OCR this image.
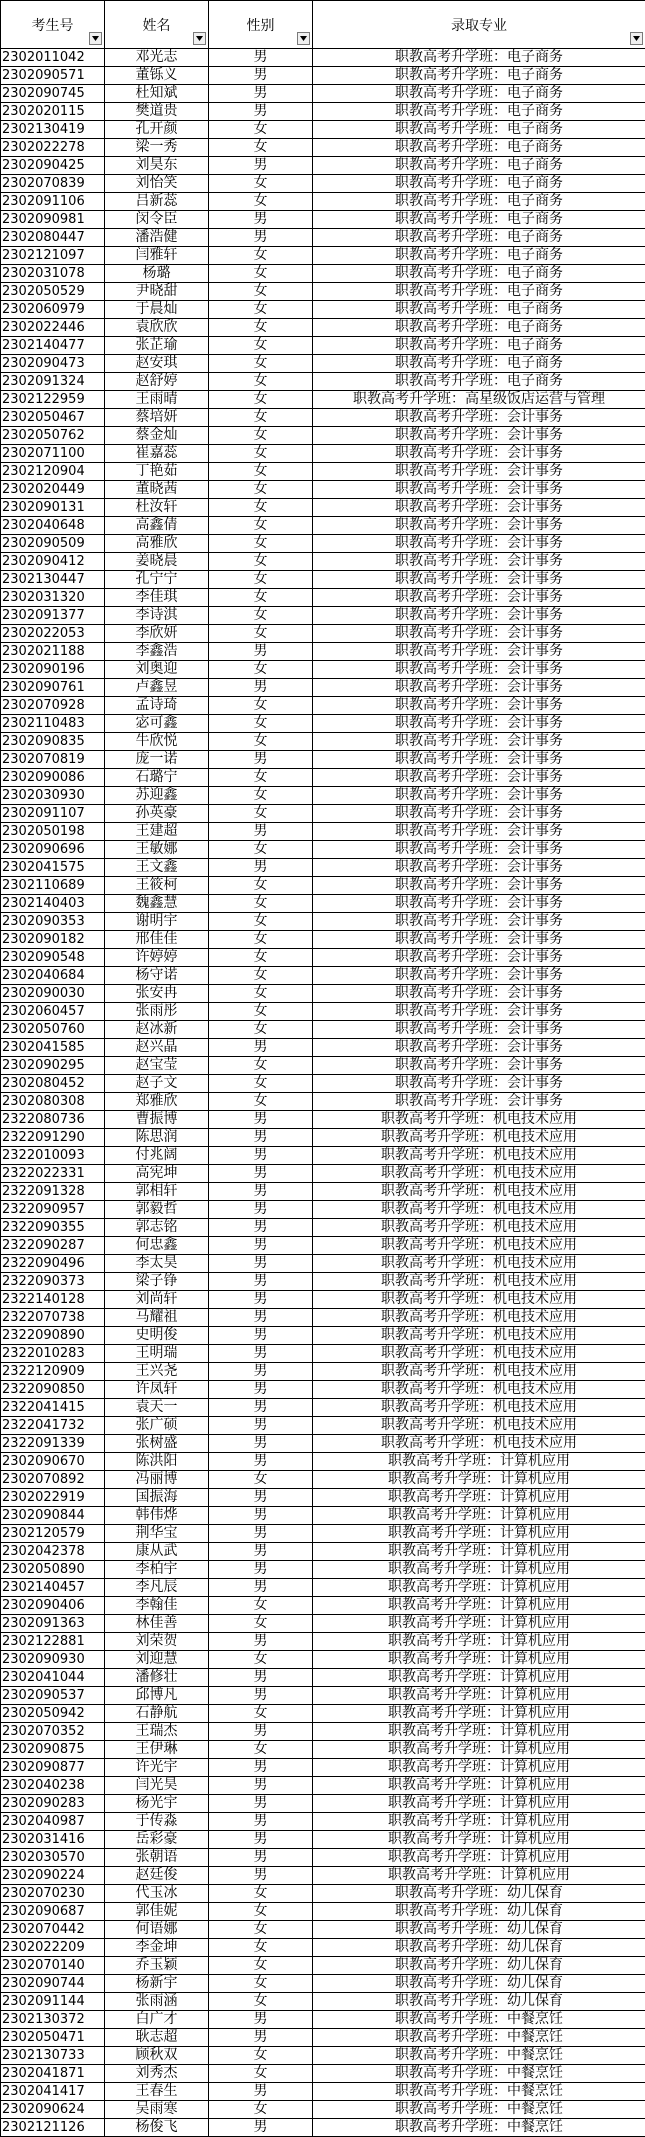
考生号	姓名	性别	录取专业

2302011042	邓光志	男	职教高考升学班：电子商务
2302090571	董铄义	男	职教高考升学班：电子商务
2302090745	杜知斌	男	职教高考升学班：电子商务
2302020115	樊道贵	男	职教高考升学班：电子商务
2302130419	孔开颜	女	职教高考升学班：电子商务
2302022278	梁一秀	女	职教高考升学班：电子商务
2302090425	刘昊东	男	职教高考升学班：电子商务
2302070839	刘怡笑	女	职教高考升学班：电子商务
2302091106	吕新蕊	女	职教高考升学班：电子商务
2302090981	闵令臣	男	职教高考升学班：电子商务
2302080447	潘浩健	男	职教高考升学班：电子商务
2302121097	闫雅轩	女	职教高考升学班：电子商务
2302031078	杨璐	女	职教高考升学班：电子商务
2302050529	尹晓甜	女	职教高考升学班：电子商务
2302060979	于晨灿	女	职教高考升学班：电子商务
2302022446	袁欣欣	女	职教高考升学班：电子商务
2302140477	张芷瑜	女	职教高考升学班：电子商务
2302090473	赵安琪	女	职教高考升学班：电子商务
2302091324	赵舒婷	女	职教高考升学班：电子商务
2302122959	王雨晴	女	职教高考升学班：高星级饭店运营与管理
2302050467	蔡培妍	女	职教高考升学班：会计事务
2302050762	蔡金灿	女	职教高考升学班：会计事务
2302071100	崔嘉蕊	女	职教高考升学班：会计事务
2302120904	丁艳茹	女	职教高考升学班：会计事务
2302020449	董晓茜	女	职教高考升学班：会计事务
2302090131	杜汝轩	女	职教高考升学班：会计事务
2302040648	高鑫倩	女	职教高考升学班：会计事务
2302090509	高雅欣	女	职教高考升学班：会计事务
2302090412	姜晓晨	女	职教高考升学班：会计事务
2302130447	孔宁宁	女	职教高考升学班：会计事务
2302031320	李佳琪	女	职教高考升学班：会计事务
2302091377	李诗淇	女	职教高考升学班：会计事务
2302022053	李欣妍	女	职教高考升学班：会计事务
2302021188	李鑫浩	男	职教高考升学班：会计事务
2302090196	刘奥迎	女	职教高考升学班：会计事务
2302090761	卢鑫昱	男	职教高考升学班：会计事务
2302070928	孟诗琦	女	职教高考升学班：会计事务
2302110483	宓可鑫	女	职教高考升学班：会计事务
2302090835	牛欣悦	女	职教高考升学班：会计事务
2302070819	庞一诺	男	职教高考升学班：会计事务
2302090086	石璐宁	女	职教高考升学班：会计事务
2302030930	苏迎鑫	女	职教高考升学班：会计事务
2302091107	孙英豪	女	职教高考升学班：会计事务
2302050198	王建超	男	职教高考升学班：会计事务
2302090696	王敏娜	女	职教高考升学班：会计事务
2302041575	王文鑫	男	职教高考升学班：会计事务
2302110689	王筱柯	女	职教高考升学班：会计事务
2302140403	魏鑫慧	女	职教高考升学班：会计事务
2302090353	谢明宇	女	职教高考升学班：会计事务
2302090182	邢佳佳	女	职教高考升学班：会计事务
2302090548	许婷婷	女	职教高考升学班：会计事务
2302040684	杨守诺	女	职教高考升学班：会计事务
2302090030	张安冉	女	职教高考升学班：会计事务
2302060457	张雨彤	女	职教高考升学班：会计事务
2302050760	赵冰新	女	职教高考升学班：会计事务
2302041585	赵兴晶	男	职教高考升学班：会计事务
2302090295	赵宝莹	女	职教高考升学班：会计事务
2302080452	赵子文	女	职教高考升学班：会计事务
2302080308	郑雅欣	女	职教高考升学班：会计事务
2322080736	曹振博	男	职教高考升学班：机电技术应用
2322091290	陈思润	男	职教高考升学班：机电技术应用
2322010093	付兆阔	男	职教高考升学班：机电技术应用
2322022331	高宪坤	男	职教高考升学班：机电技术应用
2322091328	郭相轩	男	职教高考升学班：机电技术应用
2322090957	郭毅哲	男	职教高考升学班：机电技术应用
2322090355	郭志铭	男	职教高考升学班：机电技术应用
2322090287	何忠鑫	男	职教高考升学班：机电技术应用
2322090496	李太昊	男	职教高考升学班：机电技术应用
2322090373	梁子铮	男	职教高考升学班：机电技术应用
2322140128	刘尚轩	男	职教高考升学班：机电技术应用
2322070738	马耀祖	男	职教高考升学班：机电技术应用
2322090890	史明俊	男	职教高考升学班：机电技术应用
2322010283	王明瑞	男	职教高考升学班：机电技术应用
2322120909	王兴尧	男	职教高考升学班：机电技术应用
2322090850	许凤轩	男	职教高考升学班：机电技术应用
2322041415	袁天一	男	职教高考升学班：机电技术应用
2322041732	张广硕	男	职教高考升学班：机电技术应用
2322091339	张树盛	男	职教高考升学班：机电技术应用
2302090670	陈洪阳	男	职教高考升学班：计算机应用
2302070892	冯丽博	女	职教高考升学班：计算机应用
2302022919	国振海	男	职教高考升学班：计算机应用
2302090844	韩伟烨	男	职教高考升学班：计算机应用
2302120579	荆华宝	男	职教高考升学班：计算机应用
2302042378	康从武	男	职教高考升学班：计算机应用
2302050890	李柏宇	男	职教高考升学班：计算机应用
2302140457	李凡辰	男	职教高考升学班：计算机应用
2302090406	李翰佳	女	职教高考升学班：计算机应用
2302091363	林佳善	女	职教高考升学班：计算机应用
2302122881	刘荣贺	男	职教高考升学班：计算机应用
2302090930	刘迎慧	女	职教高考升学班：计算机应用
2302041044	潘修壮	男	职教高考升学班：计算机应用
2302090537	邱博凡	男	职教高考升学班：计算机应用
2302050942	石静航	女	职教高考升学班：计算机应用
2302070352	王瑞杰	男	职教高考升学班：计算机应用
2302090875	王伊琳	女	职教高考升学班：计算机应用
2302090877	许光宇	男	职教高考升学班：计算机应用
2302040238	闫光昊	男	职教高考升学班：计算机应用
2302090283	杨光宇	男	职教高考升学班：计算机应用
2302040987	于传淼	男	职教高考升学班：计算机应用
2302031416	岳彩豪	男	职教高考升学班：计算机应用
2302030570	张朝语	男	职教高考升学班：计算机应用
2302090224	赵廷俊	男	职教高考升学班：计算机应用
2302070230	代玉冰	女	职教高考升学班：幼儿保育
2302090687	郭佳妮	女	职教高考升学班：幼儿保育
2302070442	何语娜	女	职教高考升学班：幼儿保育
2302022209	李金坤	女	职教高考升学班：幼儿保育
2302070140	乔玉颖	女	职教高考升学班：幼儿保育
2302090744	杨新宇	女	职教高考升学班：幼儿保育
2302091144	张雨涵	女	职教高考升学班：幼儿保育
2302130372	白广才	男	职教高考升学班：中餐烹饪
2302050471	耿志超	男	职教高考升学班：中餐烹饪
2302130733	顾秋双	女	职教高考升学班：中餐烹饪
2302041871	刘秀杰	女	职教高考升学班：中餐烹饪
2302041417	王春生	男	职教高考升学班：中餐烹饪
2302090624	吴雨寒	女	职教高考升学班：中餐烹饪
2302121126	杨俊飞	男	职教高考升学班：中餐烹饪
